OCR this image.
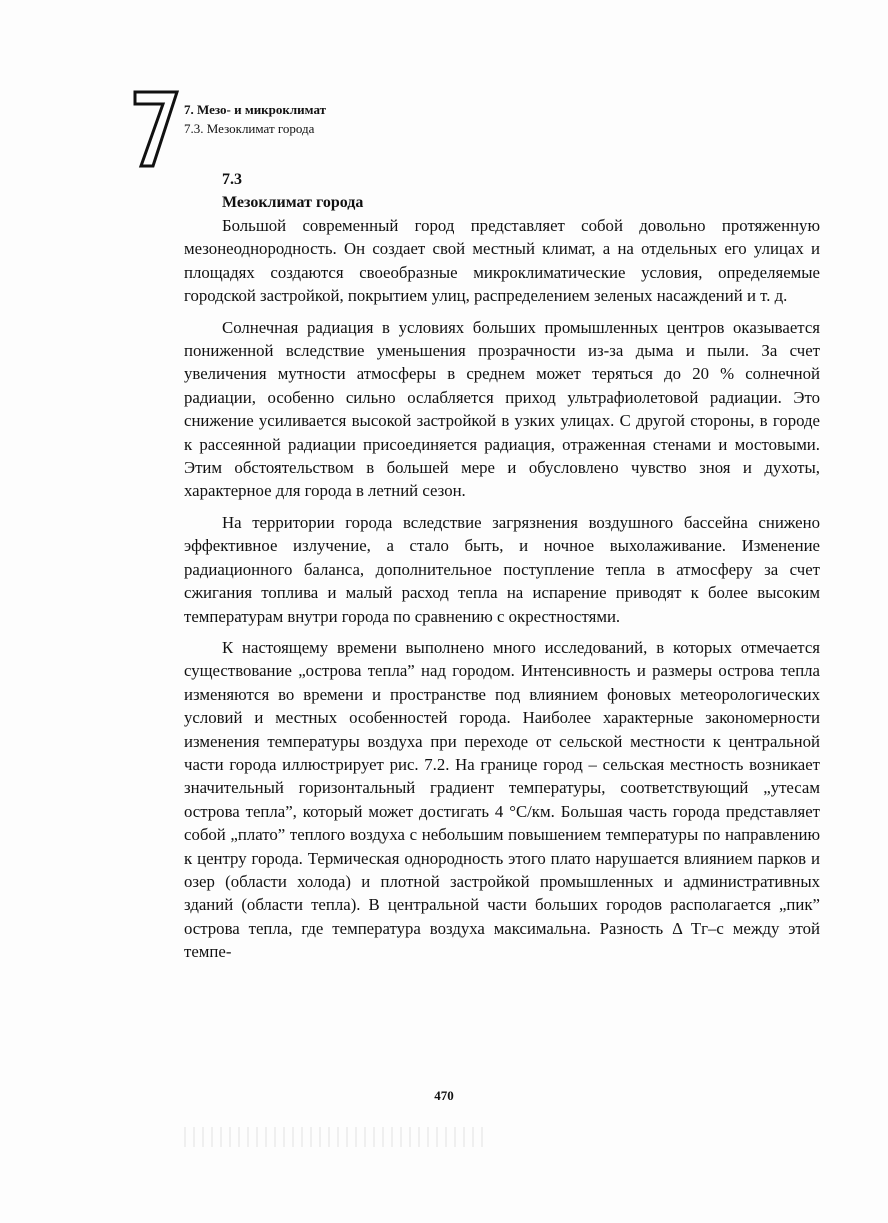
7. Мезо- и микроклимат
7.3. Мезоклимат города
7.3
Мезоклимат города

Большой современный город представляет собой довольно протяженную мезонеоднородность. Он создает свой местный климат, а на отдельных его улицах и площадях создаются своеобразные микроклиматические условия, определяемые городской застройкой, покрытием улиц, распределением зеленых насаждений и т. д.

Солнечная радиация в условиях больших промышленных центров оказывается пониженной вследствие уменьшения прозрачности из-за дыма и пыли. За счет увеличения мутности атмосферы в среднем может теряться до 20 % солнечной радиации, особенно сильно ослабляется приход ультрафиолетовой радиации. Это снижение усиливается высокой застройкой в узких улицах. С другой стороны, в городе к рассеянной радиации присоединяется радиация, отраженная стенами и мостовыми. Этим обстоятельством в большей мере и обусловлено чувство зноя и духоты, характерное для города в летний сезон.

На территории города вследствие загрязнения воздушного бассейна снижено эффективное излучение, а стало быть, и ночное выхолаживание. Изменение радиационного баланса, дополнительное поступление тепла в атмосферу за счет сжигания топлива и малый расход тепла на испарение приводят к более высоким температурам внутри города по сравнению с окрестностями.

К настоящему времени выполнено много исследований, в которых отмечается существование „острова тепла” над городом. Интенсивность и размеры острова тепла изменяются во времени и пространстве под влиянием фоновых метеорологических условий и местных особенностей города. Наиболее характерные закономерности изменения температуры воздуха при переходе от сельской местности к центральной части города иллюстрирует рис. 7.2. На границе город – сельская местность возникает значительный горизонтальный градиент температуры, соответствующий „утесам острова тепла”, который может достигать 4 °С/км. Большая часть города представляет собой „плато” теплого воздуха с небольшим повышением температуры по направлению к центру города. Термическая однородность этого плато нарушается влиянием парков и озер (области холода) и плотной застройкой промышленных и административных зданий (области тепла). В центральной части больших городов располагается „пик” острова тепла, где температура воздуха максимальна. Разность Δ Tг–с между этой темпе-

470
